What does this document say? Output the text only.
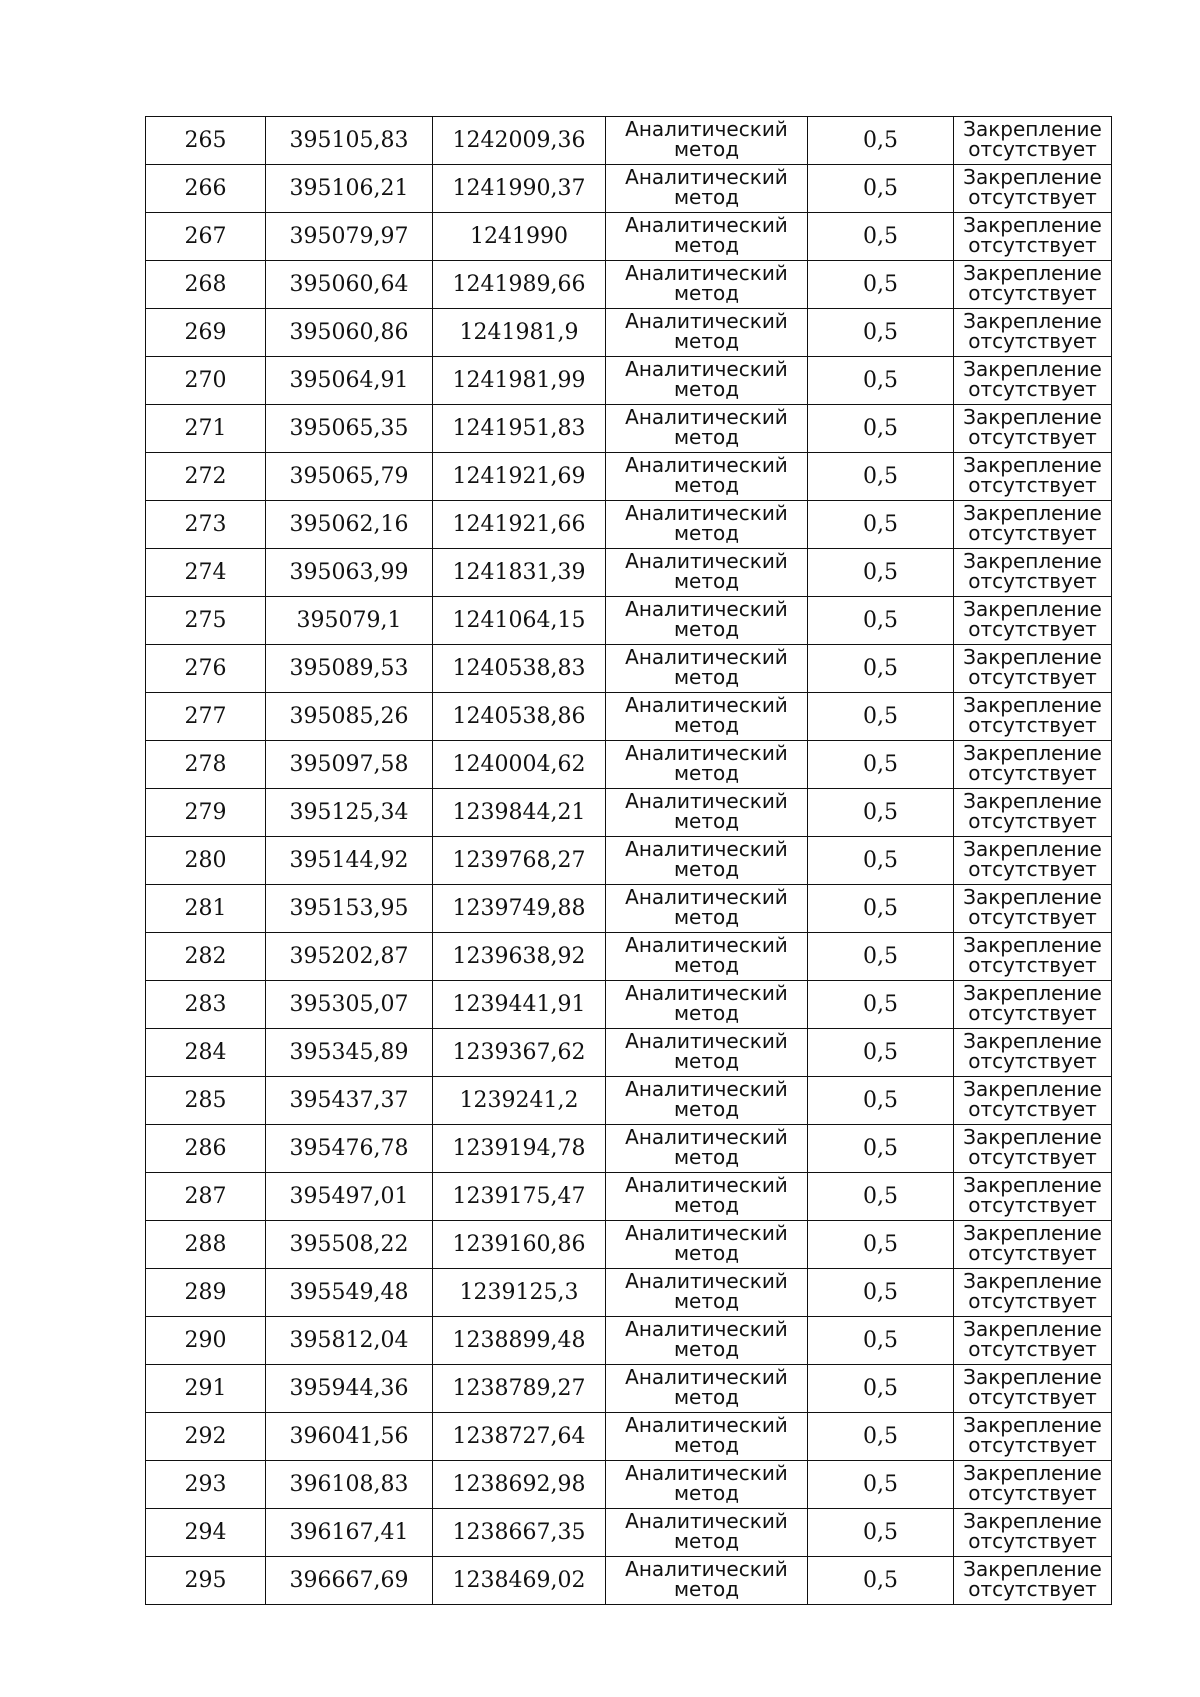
265	395105,83	1242009,36	Аналитический метод	0,5	Закрепление отсутствует
266	395106,21	1241990,37	Аналитический метод	0,5	Закрепление отсутствует
267	395079,97	1241990	Аналитический метод	0,5	Закрепление отсутствует
268	395060,64	1241989,66	Аналитический метод	0,5	Закрепление отсутствует
269	395060,86	1241981,9	Аналитический метод	0,5	Закрепление отсутствует
270	395064,91	1241981,99	Аналитический метод	0,5	Закрепление отсутствует
271	395065,35	1241951,83	Аналитический метод	0,5	Закрепление отсутствует
272	395065,79	1241921,69	Аналитический метод	0,5	Закрепление отсутствует
273	395062,16	1241921,66	Аналитический метод	0,5	Закрепление отсутствует
274	395063,99	1241831,39	Аналитический метод	0,5	Закрепление отсутствует
275	395079,1	1241064,15	Аналитический метод	0,5	Закрепление отсутствует
276	395089,53	1240538,83	Аналитический метод	0,5	Закрепление отсутствует
277	395085,26	1240538,86	Аналитический метод	0,5	Закрепление отсутствует
278	395097,58	1240004,62	Аналитический метод	0,5	Закрепление отсутствует
279	395125,34	1239844,21	Аналитический метод	0,5	Закрепление отсутствует
280	395144,92	1239768,27	Аналитический метод	0,5	Закрепление отсутствует
281	395153,95	1239749,88	Аналитический метод	0,5	Закрепление отсутствует
282	395202,87	1239638,92	Аналитический метод	0,5	Закрепление отсутствует
283	395305,07	1239441,91	Аналитический метод	0,5	Закрепление отсутствует
284	395345,89	1239367,62	Аналитический метод	0,5	Закрепление отсутствует
285	395437,37	1239241,2	Аналитический метод	0,5	Закрепление отсутствует
286	395476,78	1239194,78	Аналитический метод	0,5	Закрепление отсутствует
287	395497,01	1239175,47	Аналитический метод	0,5	Закрепление отсутствует
288	395508,22	1239160,86	Аналитический метод	0,5	Закрепление отсутствует
289	395549,48	1239125,3	Аналитический метод	0,5	Закрепление отсутствует
290	395812,04	1238899,48	Аналитический метод	0,5	Закрепление отсутствует
291	395944,36	1238789,27	Аналитический метод	0,5	Закрепление отсутствует
292	396041,56	1238727,64	Аналитический метод	0,5	Закрепление отсутствует
293	396108,83	1238692,98	Аналитический метод	0,5	Закрепление отсутствует
294	396167,41	1238667,35	Аналитический метод	0,5	Закрепление отсутствует
295	396667,69	1238469,02	Аналитический метод	0,5	Закрепление отсутствует
